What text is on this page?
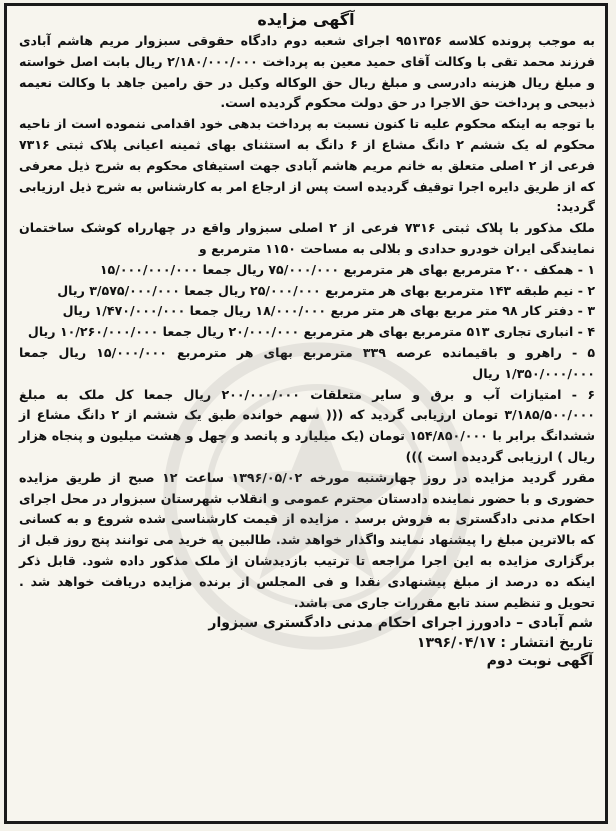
آگهی مزایده

به موجب پرونده کلاسه ۹۵۱۳۵۶ اجرای شعبه دوم دادگاه حقوقی سبزوار مریم هاشم آبادی فرزند محمد تقی با وکالت آقای حمید معین به پرداخت ۲/۱۸۰/۰۰۰/۰۰۰ ریال بابت اصل خواسته و مبلغ ریال هزینه دادرسی و مبلغ ریال حق الوکاله وکیل در حق رامین جاهد با وکالت نعیمه ذبیحی و پرداخت حق الاجرا در حق دولت محکوم گردیده است.

با توجه به اینکه محکوم علیه تا کنون نسبت به پرداخت بدهی خود اقدامی ننموده است از ناحیه محکوم له یک ششم ۲ دانگ مشاع از ۶ دانگ به استثنای بهای ثمینه اعیانی پلاک ثبتی ۷۳۱۶ فرعی از ۲ اصلی متعلق به خانم مریم هاشم آبادی جهت استیفای محکوم به شرح ذیل معرفی که از طریق دایره اجرا توقیف گردیده است پس از ارجاع امر به کارشناس به شرح ذیل ارزیابی گردید:

ملک مذکور با پلاک ثبتی ۷۳۱۶ فرعی از ۲ اصلی سبزوار واقع در چهارراه کوشک ساختمان نمایندگی ایران خودرو حدادی و بلالی به مساحت ۱۱۵۰ مترمربع و

۱ - همکف ۲۰۰ مترمربع بهای هر مترمربع ۷۵/۰۰۰/۰۰۰ ریال جمعا ۱۵/۰۰۰/۰۰۰/۰۰۰
۲ - نیم طبقه ۱۴۳ مترمربع بهای هر مترمربع ۲۵/۰۰۰/۰۰۰ ریال جمعا ۳/۵۷۵/۰۰۰/۰۰۰ ریال
۳ - دفتر کار ۹۸ متر مربع بهای هر متر مربع ۱۸/۰۰۰/۰۰۰ ریال جمعا ۱/۴۷۰/۰۰۰/۰۰۰ ریال
۴ - انباری تجاری ۵۱۳ مترمربع بهای هر مترمربع ۲۰/۰۰۰/۰۰۰ ریال جمعا ۱۰/۲۶۰/۰۰۰/۰۰۰ ریال
۵ - راهرو و باقیمانده عرصه ۳۳۹ مترمربع بهای هر مترمربع ۱۵/۰۰۰/۰۰۰ ریال جمعا ۱/۳۵۰/۰۰۰/۰۰۰ ریال
۶ - امتیازات آب و برق و سایر متعلقات ۲۰۰/۰۰۰/۰۰۰ ریال جمعا کل ملک به مبلغ ۳/۱۸۵/۵۰۰/۰۰۰ تومان ارزیابی گردید که ((( سهم خوانده طبق یک ششم از ۲ دانگ مشاع از ششدانگ برابر با ۱۵۴/۸۵۰/۰۰۰ تومان (یک میلیارد و پانصد و چهل و هشت میلیون و پنجاه هزار ریال ) ارزیابی گردیده است )))

مقرر گردید مزایده در روز چهارشنبه مورخه ۱۳۹۶/۰۵/۰۲ ساعت ۱۲ صبح از طریق مزایده حضوری و با حضور نماینده دادستان محترم عمومی و انقلاب شهرستان سبزوار در محل اجرای احکام مدنی دادگستری به فروش برسد . مزایده از قیمت کارشناسی شده شروع و به کسانی که بالاترین مبلغ را پیشنهاد نمایند واگذار خواهد شد. طالبین به خرید می توانند پنج روز قبل از برگزاری مزایده به این اجرا مراجعه تا ترتیب بازدیدشان از ملک مذکور داده شود. قابل ذکر اینکه ده درصد از مبلغ پیشنهادی نقدا و فی المجلس از برنده مزایده دریافت خواهد شد . تحویل و تنظیم سند تابع مقررات جاری می باشد.

شم آبادی – دادورز اجرای احکام مدنی دادگستری سبزوار
تاریخ انتشار : ۱۳۹۶/۰۴/۱۷
آگهی نوبت دوم
